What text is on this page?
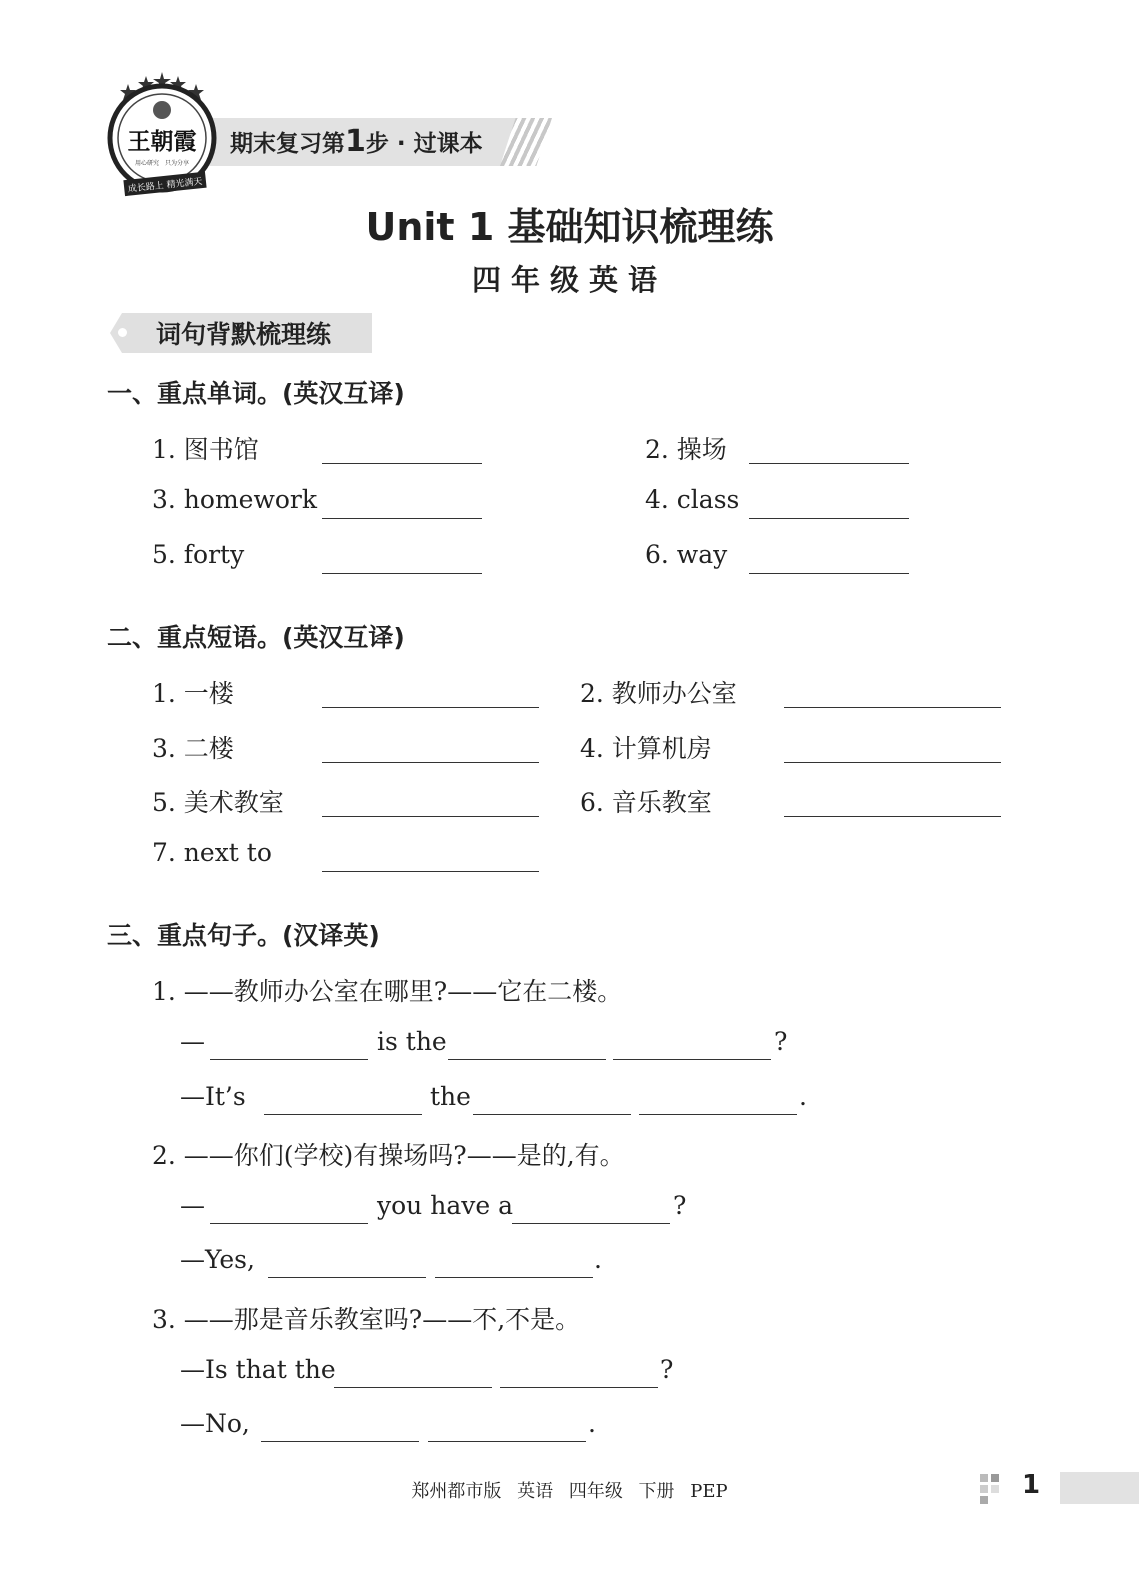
期末复习第1步 · 过课本
王朝霞
用心研究 只为分享
成长路上 精光满天
Unit 1 基础知识梳理练
四年级英语
词句背默梳理练
一、重点单词。(英汉互译)
1. 图书馆	2. 操场
3. homework	4. class
5. forty	6. way
二、重点短语。(英汉互译)
1. 一楼	2. 教师办公室
3. 二楼	4. 计算机房
5. 美术教室	6. 音乐教室
7. next to
三、重点句子。(汉译英)
1. ——教师办公室在哪里?——它在二楼。
—	is the	?
—It’s	the	.
2. ——你们(学校)有操场吗?——是的,有。
—	you have a	?
—Yes,	.
3. ——那是音乐教室吗?——不,不是。
—Is that the	?
—No,	.
郑州都市版 英语 四年级 下册 PEP	1
